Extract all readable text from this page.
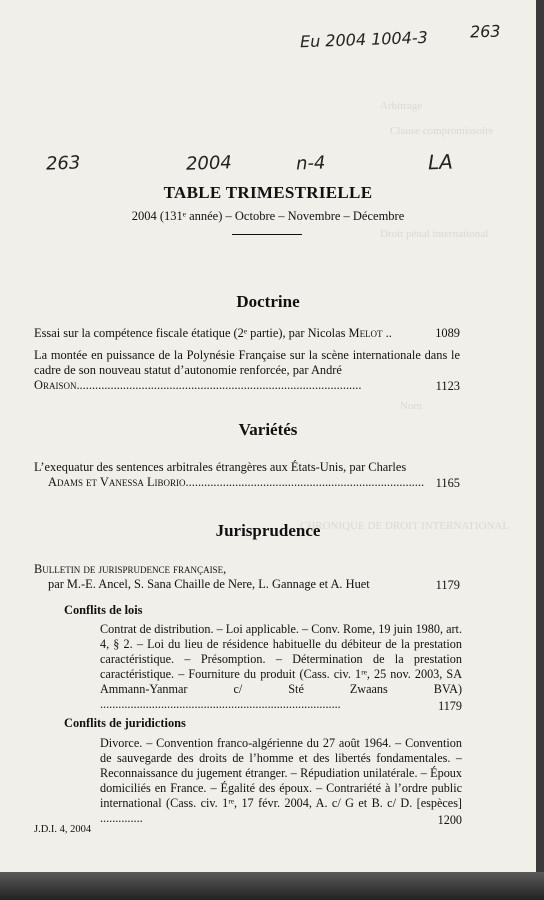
Arbitrage
Clause compromissoire
Droit pénal international
Nom
CHRONIQUE DE DROIT INTERNATIONAL
Eu 2004 1004-3	263
263	2004	n-4	LA
TABLE TRIMESTRIELLE
2004 (131ᵉ année) – Octobre – Novembre – Décembre
Doctrine
Essai sur la compétence fiscale étatique (2ᵉ partie), par Nicolas Melot ..	1089
La montée en puissance de la Polynésie Française sur la scène internationale dans le cadre de son nouveau statut d’autonomie renforcée, par André
Oraison............................................................................................	1123
Variétés
L’exequatur des sentences arbitrales étrangères aux États-Unis, par Charles
Adams et Vanessa Liborio............................................................................. 1165
Jurisprudence
Bulletin de jurisprudence française,
par M.-E. Ancel, S. Sana Chaille de Nere, L. Gannage et A. Huet	1179
Conflits de lois
Contrat de distribution. – Loi applicable. – Conv. Rome, 19 juin 1980, art. 4, § 2. – Loi du lieu de résidence habituelle du débiteur de la prestation caractéristique. – Présomption. – Détermination de la prestation caractéristique. – Fourniture du produit (Cass. civ. 1ʳᵉ, 25 nov. 2003, SA Ammann-Yanmar c/ Sté Zwaans BVA) ...............................................................................	1179
Conflits de juridictions
Divorce. – Convention franco-algérienne du 27 août 1964. – Convention de sauvegarde des droits de l’homme et des libertés fondamentales. – Reconnaissance du jugement étranger. – Répudiation unilatérale. – Époux domiciliés en France. – Égalité des époux. – Contrariété à l’ordre public international (Cass. civ. 1ʳᵉ, 17 févr. 2004, A. c/ G et B. c/ D. [espèces] ..............	1200
J.D.I. 4, 2004
